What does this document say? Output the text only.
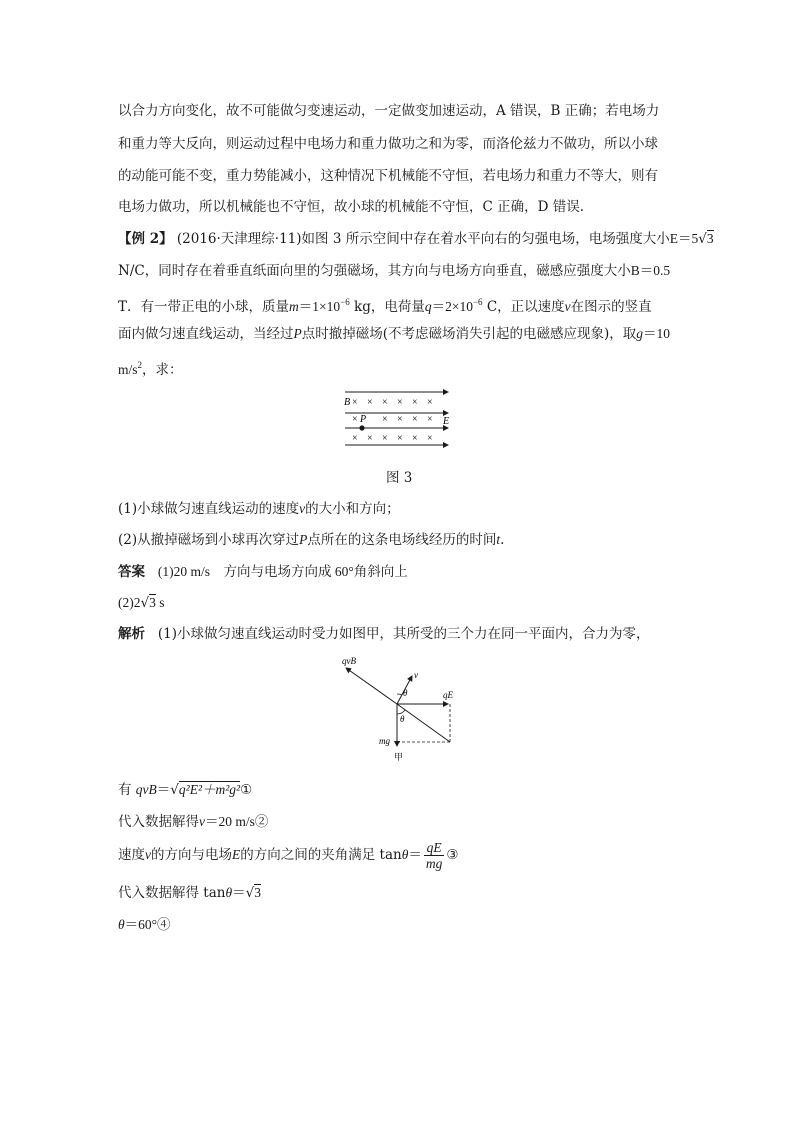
以合力方向变化，故不可能做匀变速运动，一定做变加速运动，A 错误，B 正确；若电场力
和重力等大反向，则运动过程中电场力和重力做功之和为零，而洛伦兹力不做功，所以小球
的动能可能不变，重力势能减小，这种情况下机械能不守恒，若电场力和重力不等大，则有
电场力做功，所以机械能也不守恒，故小球的机械能不守恒，C 正确，D 错误.
【例 2】 (2016·天津理综·11)如图 3 所示空间中存在着水平向右的匀强电场，电场强度大小E＝5√3
N/C，同时存在着垂直纸面向里的匀强磁场，其方向与电场方向垂直，磁感应强度大小B＝0.5
T．有一带正电的小球，质量$m=1\times 10^{-6}$ kg，电荷量$q=2\times 10^{-6}$ C，正以速度v在图示的竖直
面内做匀速直线运动，当经过P点时撤掉磁场(不考虑磁场消失引起的电磁感应现象)，取g＝10
$m/s^2$，求：
B × × × × × ×
× × × × ×
P	E
× × × × × ×
图 3
(1)小球做匀速直线运动的速度v的大小和方向；
(2)从撤掉磁场到小球再次穿过P点所在的这条电场线经历的时间t.
答案 (1)20 m/s　方向与电场方向成 60°角斜向上
(2)2√3 s
解析 (1)小球做匀速直线运动时受力如图甲，其所受的三个力在同一平面内，合力为零，
qvB
v
θ	qE
θ
mg
甲
有 qvB＝√q²E²＋m²g²①
代入数据解得v＝20 m/s②
速度v的方向与电场E的方向之间的夹角满足 $\tan\theta= \frac{qE}{mg}$ ③
代入数据解得 tanθ＝√3
θ＝60°④
